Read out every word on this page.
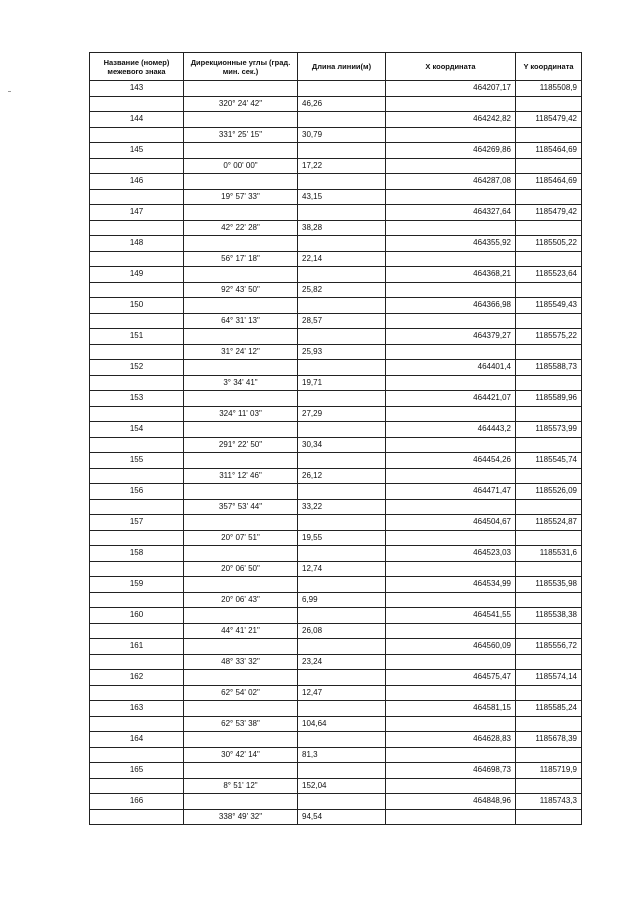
Название (номер) межевого знака	Дирекционные углы (град. мин. сек.)	Длина линии(м)	X координата	Y координата
143			464207,17	1185508,9
	320° 24' 42"	46,26		
144			464242,82	1185479,42
	331° 25' 15"	30,79		
145			464269,86	1185464,69
	0° 00' 00"	17,22		
146			464287,08	1185464,69
	19° 57' 33"	43,15		
147			464327,64	1185479,42
	42° 22' 28"	38,28		
148			464355,92	1185505,22
	56° 17' 18"	22,14		
149			464368,21	1185523,64
	92° 43' 50"	25,82		
150			464366,98	1185549,43
	64° 31' 13"	28,57		
151			464379,27	1185575,22
	31° 24' 12"	25,93		
152			464401,4	1185588,73
	3° 34' 41"	19,71		
153			464421,07	1185589,96
	324° 11' 03"	27,29		
154			464443,2	1185573,99
	291° 22' 50"	30,34		
155			464454,26	1185545,74
	311° 12' 46"	26,12		
156			464471,47	1185526,09
	357° 53' 44"	33,22		
157			464504,67	1185524,87
	20° 07' 51"	19,55		
158			464523,03	1185531,6
	20° 06' 50"	12,74		
159			464534,99	1185535,98
	20° 06' 43"	6,99		
160			464541,55	1185538,38
	44° 41' 21"	26,08		
161			464560,09	1185556,72
	48° 33' 32"	23,24		
162			464575,47	1185574,14
	62° 54' 02"	12,47		
163			464581,15	1185585,24
	62° 53' 38"	104,64		
164			464628,83	1185678,39
	30° 42' 14"	81,3		
165			464698,73	1185719,9
	8° 51' 12"	152,04		
166			464848,96	1185743,3
	338° 49' 32"	94,54		
